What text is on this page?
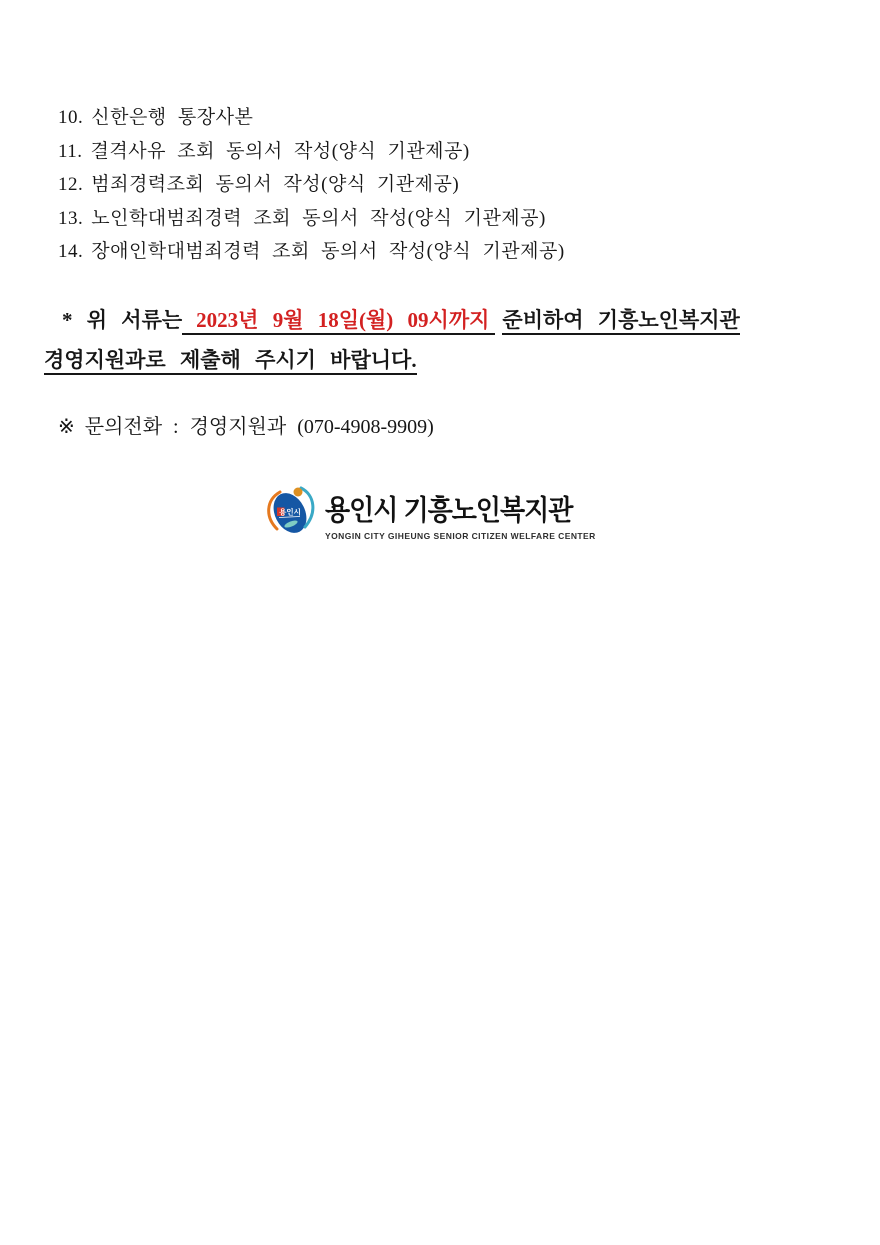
10. 신한은행 통장사본
11. 결격사유 조회 동의서 작성(양식 기관제공)
12. 범죄경력조회 동의서 작성(양식 기관제공)
13. 노인학대범죄경력 조회 동의서 작성(양식 기관제공)
14. 장애인학대범죄경력 조회 동의서 작성(양식 기관제공)
* 위 서류는 2023년 9월 18일(월) 09시까지 준비하여 기흥노인복지관
경영지원과로 제출해 주시기 바랍니다.
※ 문의전화 : 경영지원과 (070-4908-9909)
용인시 용인시 기흥노인복지관
YONGIN CITY GIHEUNG SENIOR CITIZEN WELFARE CENTER
